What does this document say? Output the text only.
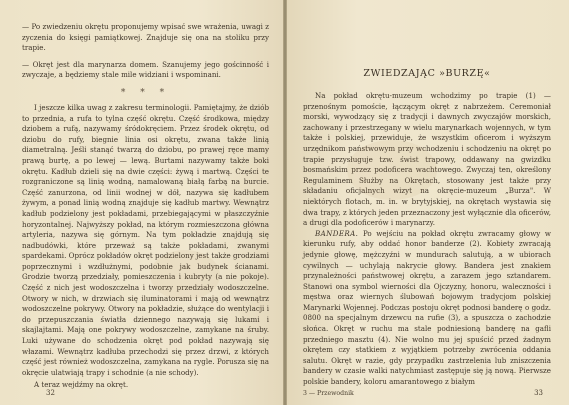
— Po zwiedzeniu okrętu proponujemy wpisać swe wrażenia, uwagi z zyczenia do księgi pamiątkowej. Znajduje się ona na stoliku przy trapie.

— Okręt jest dla marynarza domem. Szanujemy jego gościnność i zwyczaje, a będziemy stale mile widziani i wspominani.

* * *

I jeszcze kilka uwag z zakresu terminologii. Pamiętajmy, że dziób to przednia, a rufa to tylna część okrętu. Część środkowa, między dziobem a rufą, nazywamy śródokręciem. Przez środek okrętu, od dziobu do rufy, biegnie linia osi okrętu, zwana także linią diametralną. Jeśli stanąć twarzą do dziobu, po prawej ręce mamy prawą burtę, a po lewej — lewą. Burtami nazywamy także boki okrętu. Kadłub dzieli się na dwie części: żywą i martwą. Części te rozgraniczone są linią wodną, namalowaną białą farbą na burcie. Część zanurzona, od linii wodnej w dół, nazywa się kadłubem żywym, a ponad linią wodną znajduje się kadłub martwy. Wewnątrz kadłub podzielony jest pokładami, przebiegającymi w płaszczyźnie horyzontalnej. Najwyższy pokład, na którym rozmieszczona główna artyleria, nazywa się górnym. Na tym pokładzie znajdują się nadbudówki, które przeważ są także pokładami, zwanymi spardekami. Oprócz pokładów okręt podzielony jest także grodziami poprzecznymi i wzdłużnymi, podobnie jak budynek ścianami. Grodzie tworzą przedziały, pomieszczenia i kubryty (a nie pokoje). Część z nich jest wodoszczelna i tworzy przedziały wodoszczelne. Otwory w nich, w drzwiach się iluminatorami i mają od wewnątrz wodoszczelne pokrywy. Otwory na pokładzie, służące do wentylacji i do przepuszczania światła dziennego nazywają się lukami i skajlajtami. Mają one pokrywy wodoszczelne, zamykane na śruby. Luki używane do schodzenia okręt pod pokład nazywają się włazami. Wewnątrz kadłuba przechodzi się przez drzwi, z których część jest również wodoszczelna, zamykana na rygle. Porusza się na okręcie ulatwiają trapy i schodnie (a nie schody).

A teraz wejdźmy na okręt.

32
ZWIEDZAJĄC »BURZĘ«

Na pokład okrętu-muzeum wchodzimy po trapie (1) — przenośnym pomoście, łączącym okręt z nabrzeżem. Ceremoniał morski, wywodzący się z tradycji i dawnych zwyczajów morskich, zachowany i przestrzegany w wielu marynarkach wojennych, w tym także i polskiej, przewiduje, że wszystkim oficerom i wyższym urzędnikom państwowym przy wchodzeniu i schodzeniu na okręt po trapie przysługuje tzw. świst trapowy, oddawany na gwizdku bosmańskim przez podoficera wachtowego. Zwyczaj ten, określony Regulaminem Służby na Okrętach, stosowany jest także przy składaniu oficjalnych wizyt na okręcie-muzeum „Burza". W niektórych flotach, m. in. w brytyjskiej, na okrętach wystawia się dwa trapy, z których jeden przeznaczony jest wyłącznie dla oficerów, a drugi dla podoficerów i marynarzy.

BANDERA. Po wejściu na pokład okrętu zwracamy głowy w kierunku rufy, aby oddać honor banderze (2). Kobiety zwracają jedynie głowę, mężczyźni w mundurach salutują, a w ubiorach cywilnych — uchylają nakrycie głowy. Bandera jest znakiem przynależności państwowej okrętu, a zarazem jego sztandarem. Stanowi ona symbol wierności dla Ojczyzny, honoru, waleczności i męstwa oraz wiernych ślubowań bojowym tradycjom polskiej Marynarki Wojennej. Podczas postoju okręt podnosi banderę o godz. 0800 na specjalnym drzewcu na rufie (3), a spuszcza o zachodzie słońca. Okręt w ruchu ma stale podniesioną banderę na gafli przedniego masztu (4). Nie wolno mu jej spuścić przed żadnym okrętem czy statkiem z wyjątkiem potrzeby zwrócenia oddania salutu. Okręt w razie, gdy przypadku zastrzelenia lub zniszczenia bandery w czasie walki natychmiast zastępuje się ją nową. Pierwsze polskie bandery, koloru amarantowego z białym

3 — Przewodnik	33
